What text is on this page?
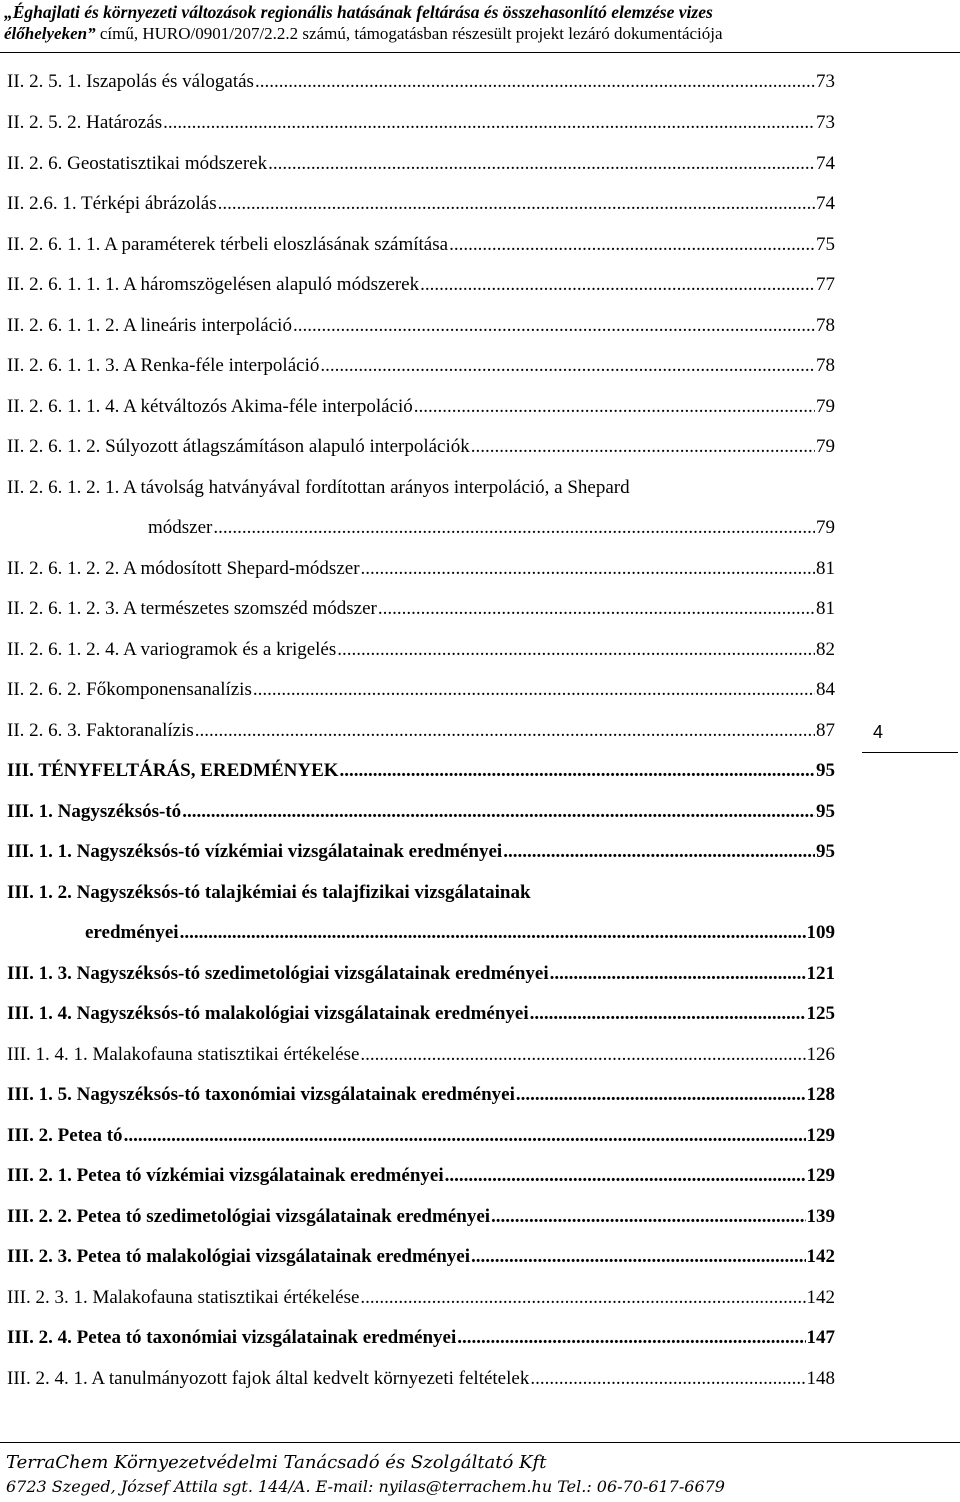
„Éghajlati és környezeti változások regionális hatásának feltárása és összehasonlító elemzése vizes
élőhelyeken” című, HURO/0901/207/2.2.2 számú, támogatásban részesült projekt lezáró dokumentációja
II. 2. 5. 1. Iszapolás és válogatás .....	73
II. 2. 5. 2. Határozás .....	73
II. 2. 6. Geostatisztikai módszerek .....	74
II. 2.6. 1. Térképi ábrázolás .....	74
II. 2. 6. 1. 1. A paraméterek térbeli eloszlásának számítása .....	75
II. 2. 6. 1. 1. 1. A háromszögelésen alapuló módszerek .....	77
II. 2. 6. 1. 1. 2. A lineáris interpoláció .....	78
II. 2. 6. 1. 1. 3. A Renka-féle interpoláció .....	78
II. 2. 6. 1. 1. 4. A kétváltozós Akima-féle interpoláció .....	79
II. 2. 6. 1. 2. Súlyozott átlagszámításon alapuló interpolációk .....	79
II. 2. 6. 1. 2. 1. A távolság hatványával fordítottan arányos interpoláció, a Shepard
módszer .....	79
II. 2. 6. 1. 2. 2. A módosított Shepard-módszer .....	81
II. 2. 6. 1. 2. 3. A természetes szomszéd módszer .....	81
II. 2. 6. 1. 2. 4. A variogramok és a krigelés .....	82
II. 2. 6. 2. Főkomponensanalízis .....	84
II. 2. 6. 3. Faktoranalízis .....	87
III. TÉNYFELTÁRÁS, EREDMÉNYEK .....	95
III. 1. Nagyszéksós-tó .....	95
III. 1. 1. Nagyszéksós-tó vízkémiai vizsgálatainak eredményei .....	95
III. 1. 2. Nagyszéksós-tó talajkémiai és talajfizikai vizsgálatainak
eredményei .....	109
III. 1. 3. Nagyszéksós-tó szedimetológiai vizsgálatainak eredményei .....	121
III. 1. 4. Nagyszéksós-tó malakológiai vizsgálatainak eredményei .....	125
III. 1. 4. 1. Malakofauna statisztikai értékelése .....	126
III. 1. 5. Nagyszéksós-tó taxonómiai vizsgálatainak eredményei .....	128
III. 2. Petea tó .....	129
III. 2. 1. Petea tó vízkémiai vizsgálatainak eredményei .....	129
III. 2. 2. Petea tó szedimetológiai vizsgálatainak eredményei .....	139
III. 2. 3. Petea tó malakológiai vizsgálatainak eredményei .....	142
III. 2. 3. 1. Malakofauna statisztikai értékelése .....	142
III. 2. 4. Petea tó taxonómiai vizsgálatainak eredményei .....	147
III. 2. 4. 1. A tanulmányozott fajok által kedvelt környezeti feltételek .....	148
4
TerraChem Környezetvédelmi Tanácsadó és Szolgáltató Kft
6723 Szeged, József Attila sgt. 144/A. E-mail: nyilas@terrachem.hu Tel.: 06-70-617-6679
